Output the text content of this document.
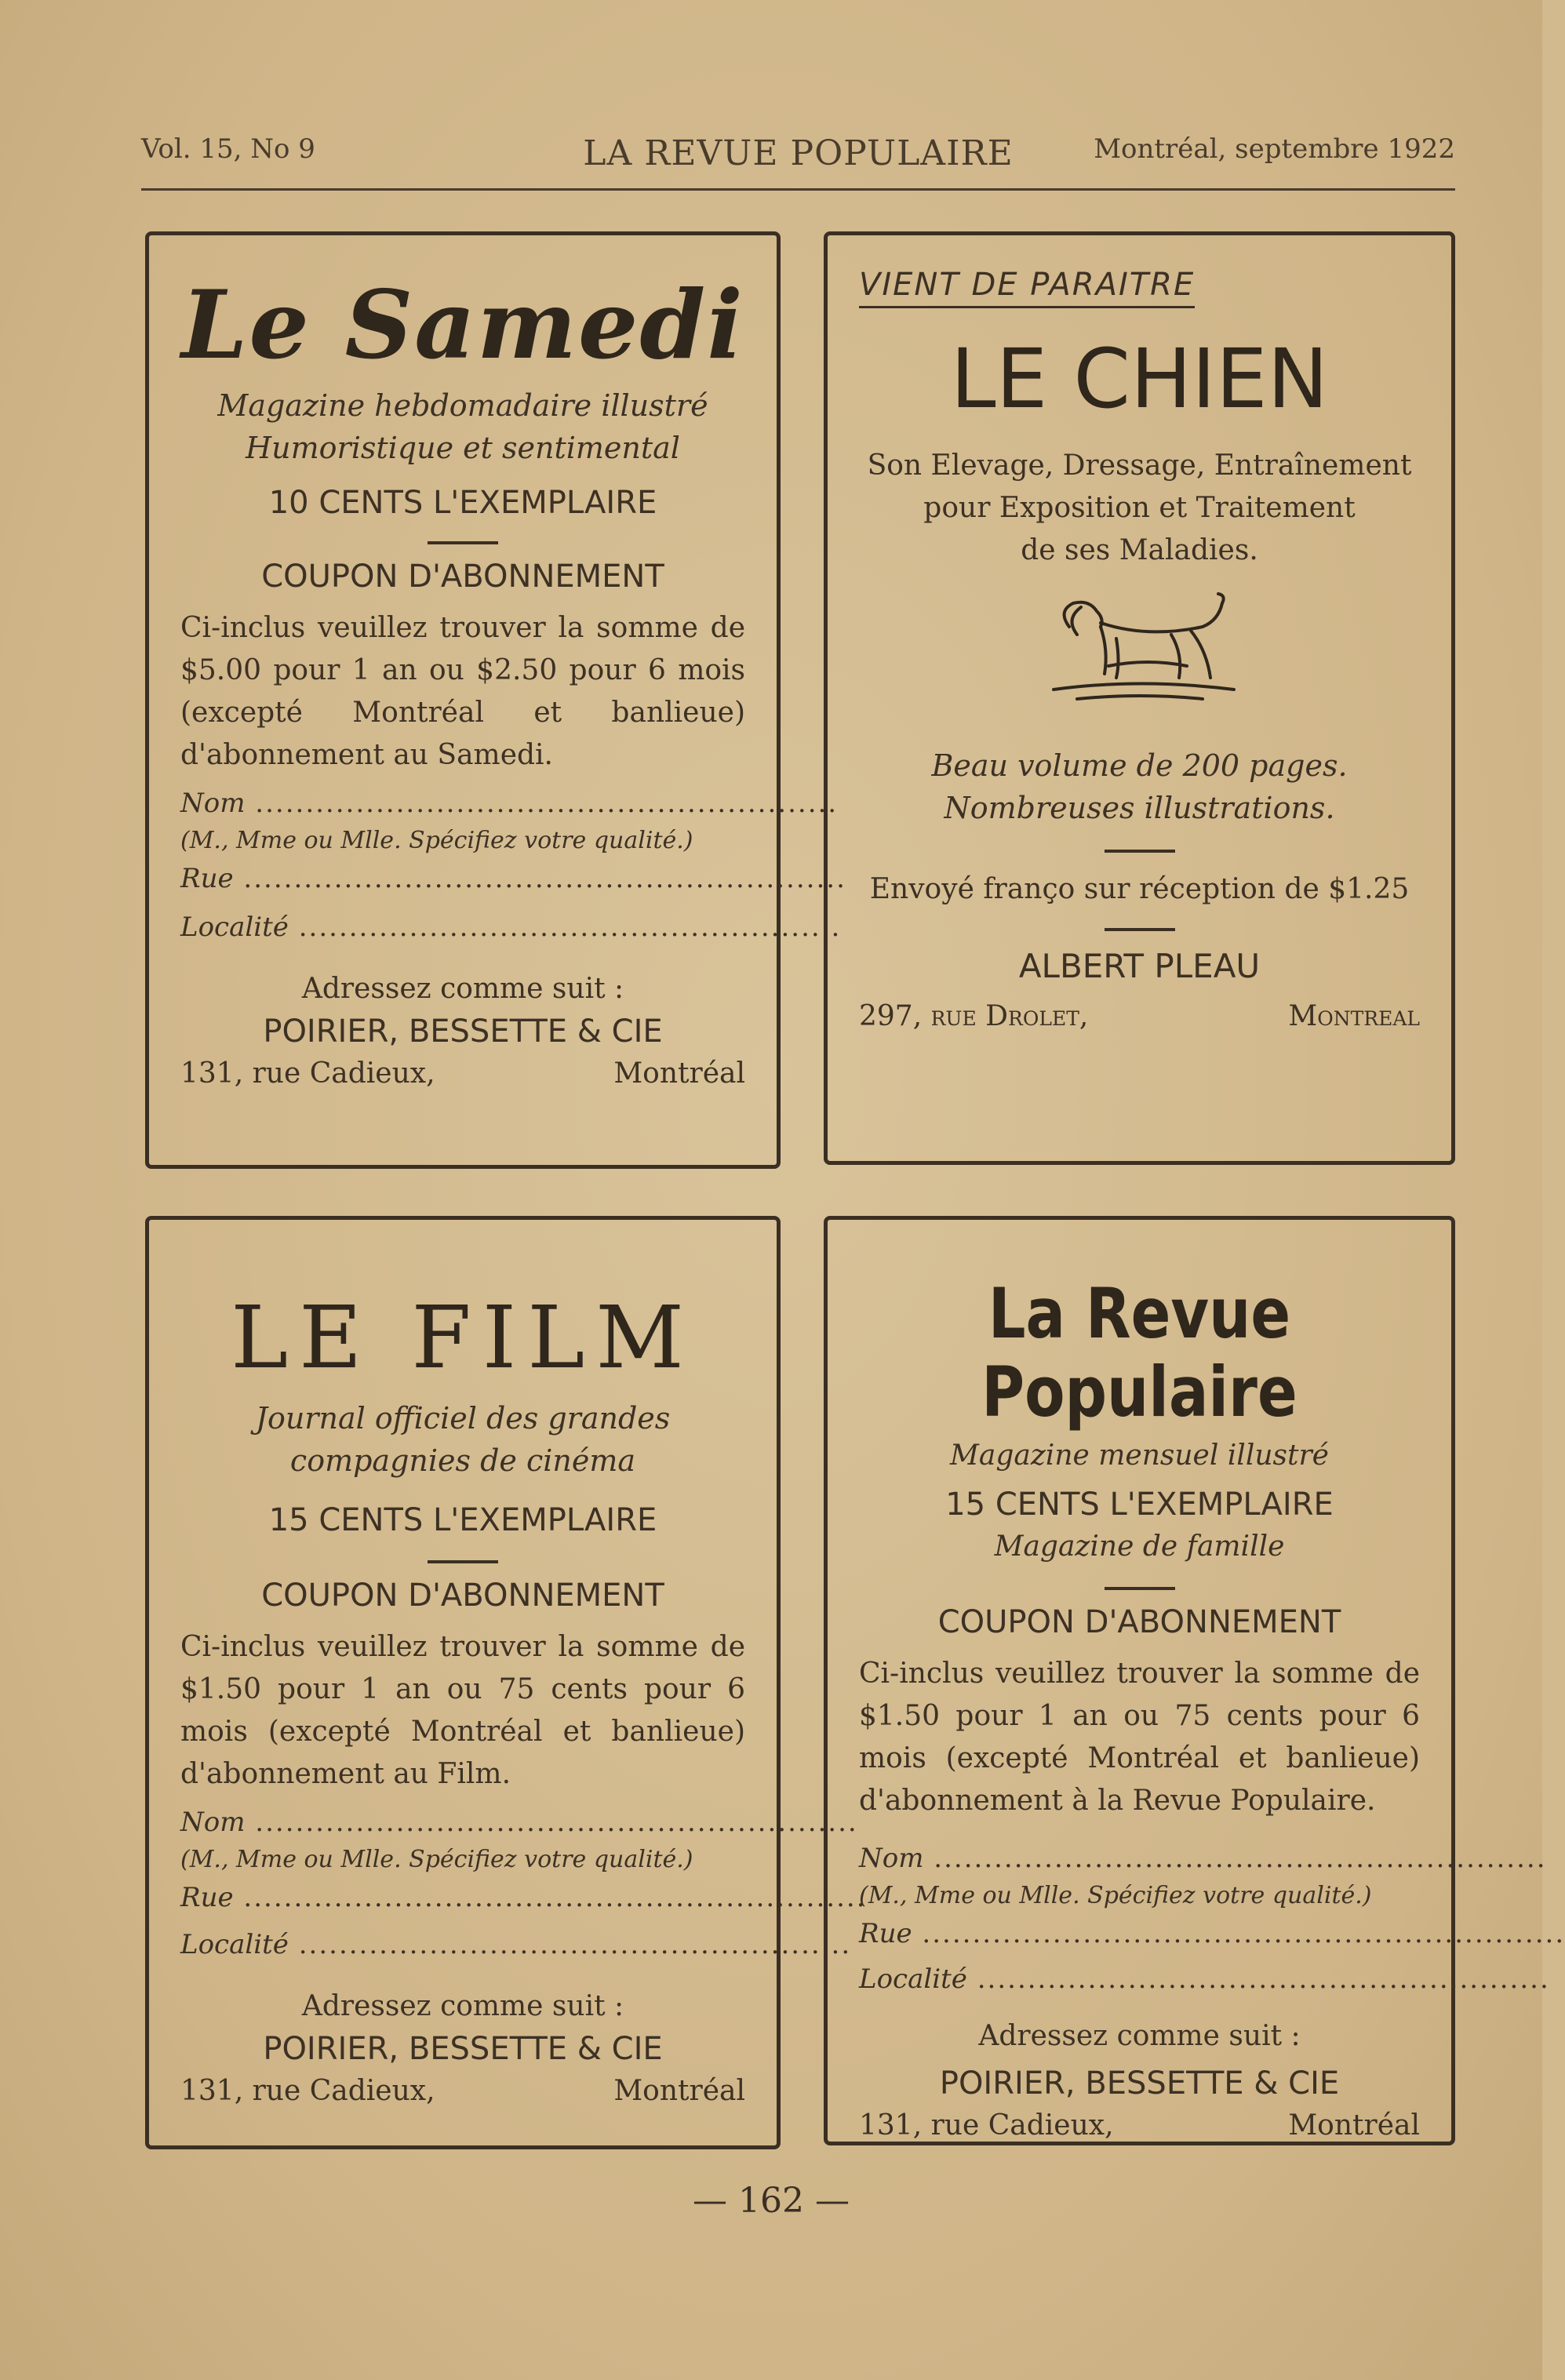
Vol. 15, No 9	LA REVUE POPULAIRE	Montréal, septembre 1922
Le Samedi
Magazine hebdomadaire illustré
Humoristique et sentimental
10 CENTS L'EXEMPLAIRE
COUPON D'ABONNEMENT
Ci-inclus veuillez trouver la somme de $5.00 pour 1 an ou $2.50 pour 6 mois (excepté Montréal et banlieue) d'abonnement au Samedi.
Nom ..........................................................
(M., Mme ou Mlle. Spécifiez votre qualité.)
Rue ............................................................
Localité ......................................................
Adressez comme suit :
POIRIER, BESSETTE & CIE
131, rue Cadieux,	Montréal
VIENT DE PARAITRE
LE CHIEN
Son Elevage, Dressage, Entraînement
pour Exposition et Traitement
de ses Maladies.
Beau volume de 200 pages.
Nombreuses illustrations.
Envoyé franço sur réception de $1.25
ALBERT PLEAU
297, rue Drolet,	Montreal
LE FILM
Journal officiel des grandes compagnies de cinéma
15 CENTS L'EXEMPLAIRE
COUPON D'ABONNEMENT
Ci-inclus veuillez trouver la somme de $1.50 pour 1 an ou 75 cents pour 6 mois (excepté Montréal et banlieue) d'abonnement au Film.
Nom ............................................................
(M., Mme ou Mlle. Spécifiez votre qualité.)
Rue ..............................................................
Localité .......................................................
Adressez comme suit :
POIRIER, BESSETTE & CIE
131, rue Cadieux,	Montréal
La Revue Populaire
Magazine mensuel illustré
15 CENTS L'EXEMPLAIRE
Magazine de famille
COUPON D'ABONNEMENT
Ci-inclus veuillez trouver la somme de $1.50 pour 1 an ou 75 cents pour 6 mois (excepté Montréal et banlieue) d'abonnement à la Revue Populaire.
Nom .............................................................
(M., Mme ou Mlle. Spécifiez votre qualité.)
Rue ................................................................
Localité .........................................................
Adressez comme suit :
POIRIER, BESSETTE & CIE
131, rue Cadieux,	Montréal
— 162 —
